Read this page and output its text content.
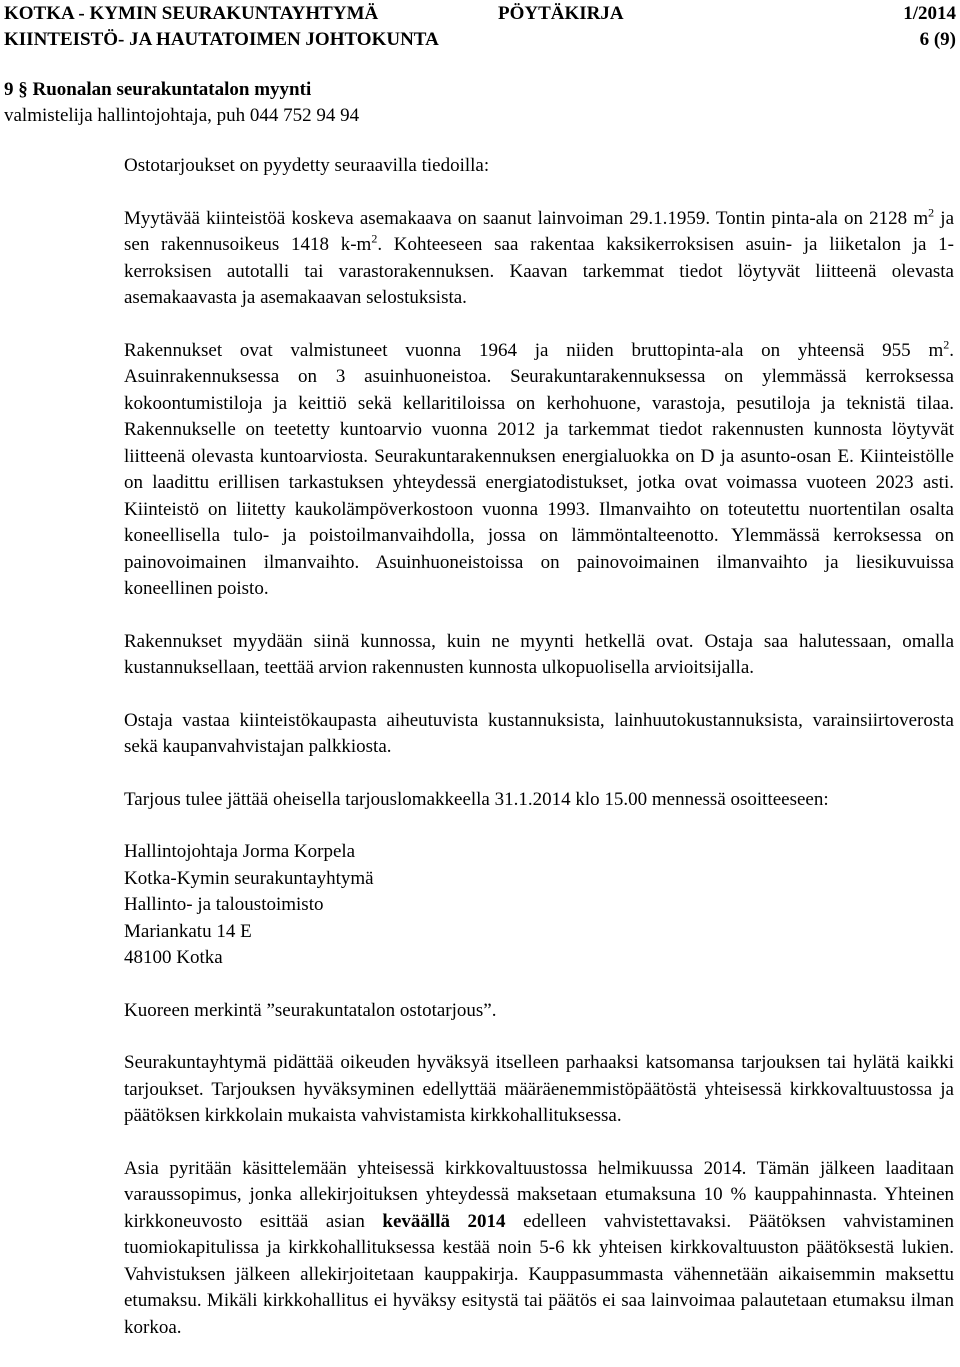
KOTKA - KYMIN SEURAKUNTAYHTYMÄ	PÖYTÄKIRJA	1/2014
KIINTEISTÖ- JA HAUTATOIMEN JOHTOKUNTA	6 (9)
9 § Ruonalan seurakuntatalon myynti
valmistelija hallintojohtaja, puh 044 752 94 94

Ostotarjoukset on pyydetty seuraavilla tiedoilla:

Myytävää kiinteistöä koskeva asemakaava on saanut lainvoiman 29.1.1959. Tontin pinta-ala on 2128 $m^2$ ja sen rakennusoikeus 1418 $k-m^2$. Kohteeseen saa rakentaa kaksikerroksisen asuin- ja liiketalon ja 1-kerroksisen autotalli tai varastorakennuksen. Kaavan tarkemmat tiedot löytyvät liitteenä olevasta asemakaavasta ja asemakaavan selostuksista.

Rakennukset ovat valmistuneet vuonna 1964 ja niiden bruttopinta-ala on yhteensä 955 $m^2$. Asuinrakennuksessa on 3 asuinhuoneistoa. Seurakuntarakennuksessa on ylemmässä kerroksessa kokoontumistiloja ja keittiö sekä kellaritiloissa on kerhohuone, varastoja, pesutiloja ja teknistä tilaa. Rakennukselle on teetetty kuntoarvio vuonna 2012 ja tarkemmat tiedot rakennusten kunnosta löytyvät liitteenä olevasta kuntoarviosta. Seurakuntarakennuksen energialuokka on D ja asunto-osan E. Kiinteistölle on laadittu erillisen tarkastuksen yhteydessä energiatodistukset, jotka ovat voimassa vuoteen 2023 asti. Kiinteistö on liitetty kaukolämpöverkostoon vuonna 1993. Ilmanvaihto on toteutettu nuortentilan osalta koneellisella tulo- ja poistoilmanvaihdolla, jossa on lämmöntalteenotto. Ylemmässä kerroksessa on painovoimainen ilmanvaihto. Asuinhuoneistoissa on painovoimainen ilmanvaihto ja liesikuvuissa koneellinen poisto.

Rakennukset myydään siinä kunnossa, kuin ne myynti hetkellä ovat. Ostaja saa halutessaan, omalla kustannuksellaan, teettää arvion rakennusten kunnosta ulkopuolisella arvioitsijalla.

Ostaja vastaa kiinteistökaupasta aiheutuvista kustannuksista, lainhuutokustannuksista, varainsiirtoverosta sekä kaupanvahvistajan palkkiosta.

Tarjous tulee jättää oheisella tarjouslomakkeella 31.1.2014 klo 15.00 mennessä osoitteeseen:

Hallintojohtaja Jorma Korpela
Kotka-Kymin seurakuntayhtymä
Hallinto- ja taloustoimisto
Mariankatu 14 E
48100 Kotka

Kuoreen merkintä ”seurakuntatalon ostotarjous”.

Seurakuntayhtymä pidättää oikeuden hyväksyä itselleen parhaaksi katsomansa tarjouksen tai hylätä kaikki tarjoukset. Tarjouksen hyväksyminen edellyttää määräenemmistöpäätöstä yhteisessä kirkkovaltuustossa ja päätöksen kirkkolain mukaista vahvistamista kirkkohallituksessa.

Asia pyritään käsittelemään yhteisessä kirkkovaltuustossa helmikuussa 2014. Tämän jälkeen laaditaan varaussopimus, jonka allekirjoituksen yhteydessä maksetaan etumaksuna 10 % kauppahinnasta. Yhteinen kirkkoneuvosto esittää asian keväällä 2014 edelleen vahvistettavaksi. Päätöksen vahvistaminen tuomiokapitulissa ja kirkkohallituksessa kestää noin 5-6 kk yhteisen kirkkovaltuuston päätöksestä lukien. Vahvistuksen jälkeen allekirjoitetaan kauppakirja. Kauppasummasta vähennetään aikaisemmin maksettu etumaksu. Mikäli kirkkohallitus ei hyväksy esitystä tai päätös ei saa lainvoimaa palautetaan etumaksu ilman korkoa.
